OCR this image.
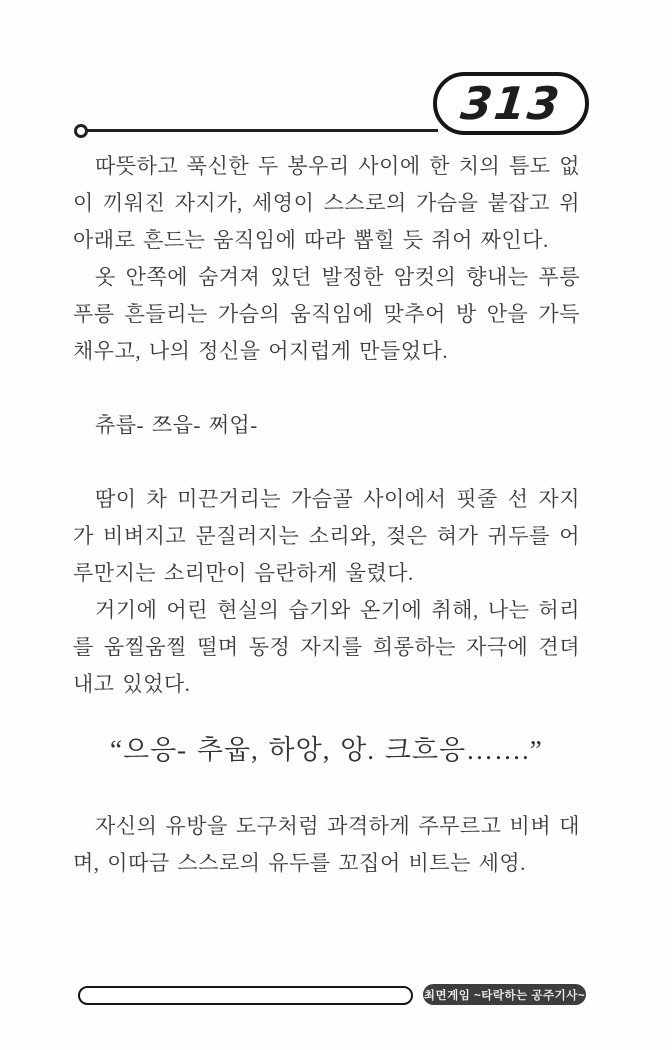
313

따뜻하고 푹신한 두 봉우리 사이에 한 치의 틈도 없이 끼워진 자지가, 세영이 스스로의 가슴을 붙잡고 위 아래로 흔드는 움직임에 따라 뽑힐 듯 쥐어 짜인다.

옷 안쪽에 숨겨져 있던 발정한 암컷의 향내는 푸릉푸릉 흔들리는 가슴의 움직임에 맞추어 방 안을 가득 채우고, 나의 정신을 어지럽게 만들었다.

츄릅- 쯔읍- 쩌업-

땀이 차 미끈거리는 가슴골 사이에서 핏줄 선 자지가 비벼지고 문질러지는 소리와, 젖은 혀가 귀두를 어루만지는 소리만이 음란하게 울렸다.

거기에 어린 현실의 습기와 온기에 취해, 나는 허리를 움찔움찔 떨며 동정 자지를 희롱하는 자극에 견뎌내고 있었다.

“으응- 추웁, 하앙, 앙. 크흐응…….”

자신의 유방을 도구처럼 과격하게 주무르고 비벼 대며, 이따금 스스로의 유두를 꼬집어 비트는 세영.

최면게임 ~타락하는 공주기사~
